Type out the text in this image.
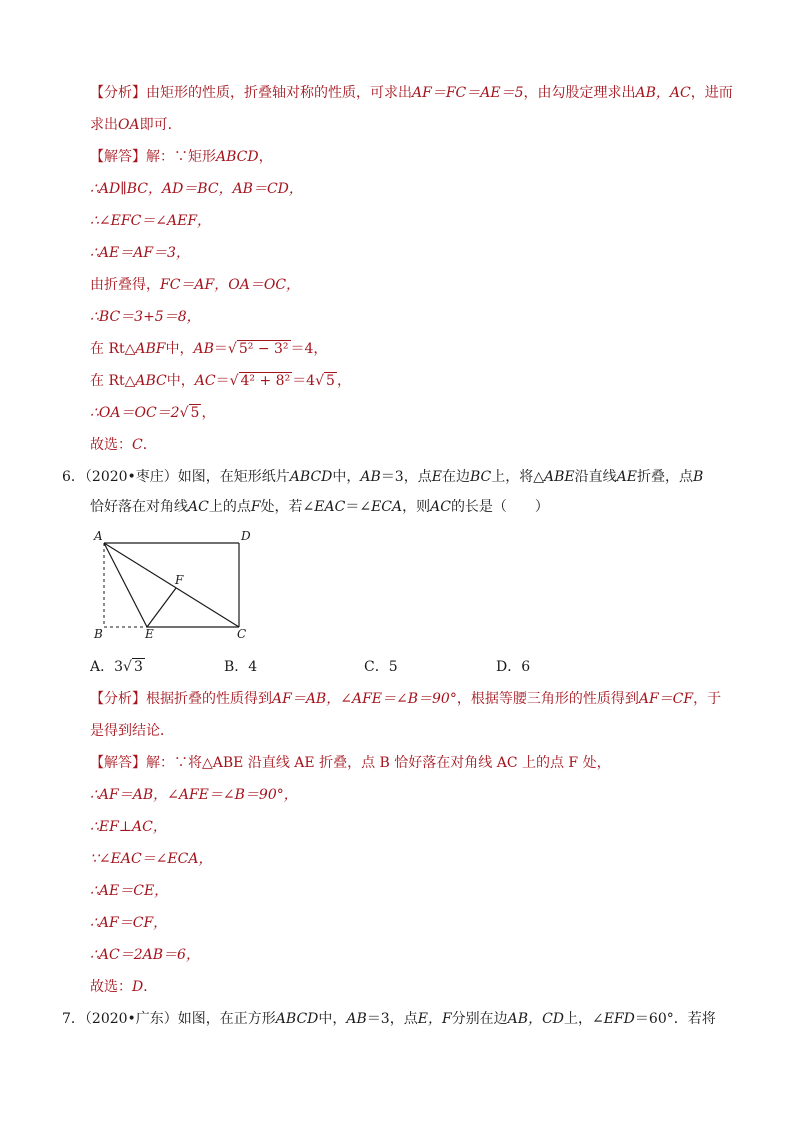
【分析】由矩形的性质，折叠轴对称的性质，可求出AF＝FC＝AE＝5，由勾股定理求出AB，AC，进而
求出OA即可．
【解答】解：∵矩形ABCD，
∴AD∥BC，AD＝BC，AB＝CD，
∴∠EFC＝∠AEF，
∴AE＝AF＝3，
由折叠得，FC＝AF，OA＝OC，
∴BC＝3+5＝8，
在 Rt△ABF中，AB＝√ 5² − 3² ＝4，
在 Rt△ABC中，AC＝√ 4² + 8² ＝4√ 5 ，
∴OA＝OC＝2√ 5 ，
故选：C．
6．（2020•枣庄）如图，在矩形纸片ABCD中，AB＝3，点E在边BC上，将△ABE沿直线AE折叠，点B
恰好落在对角线AC上的点F处，若∠EAC＝∠ECA，则AC的长是（　　）
A	D
F
B	E	C
A．3√ 3	B．4	C．5	D．6
【分析】根据折叠的性质得到AF＝AB，∠AFE＝∠B＝90°，根据等腰三角形的性质得到AF＝CF，于
是得到结论．
【解答】解：∵将△ABE 沿直线 AE 折叠，点 B 恰好落在对角线 AC 上的点 F 处，
∴AF＝AB，∠AFE＝∠B＝90°，
∴EF⊥AC，
∵∠EAC＝∠ECA，
∴AE＝CE，
∴AF＝CF，
∴AC＝2AB＝6，
故选：D．
7．（2020•广东）如图，在正方形ABCD中，AB＝3，点E，F分别在边AB，CD上，∠EFD＝60°．若将
